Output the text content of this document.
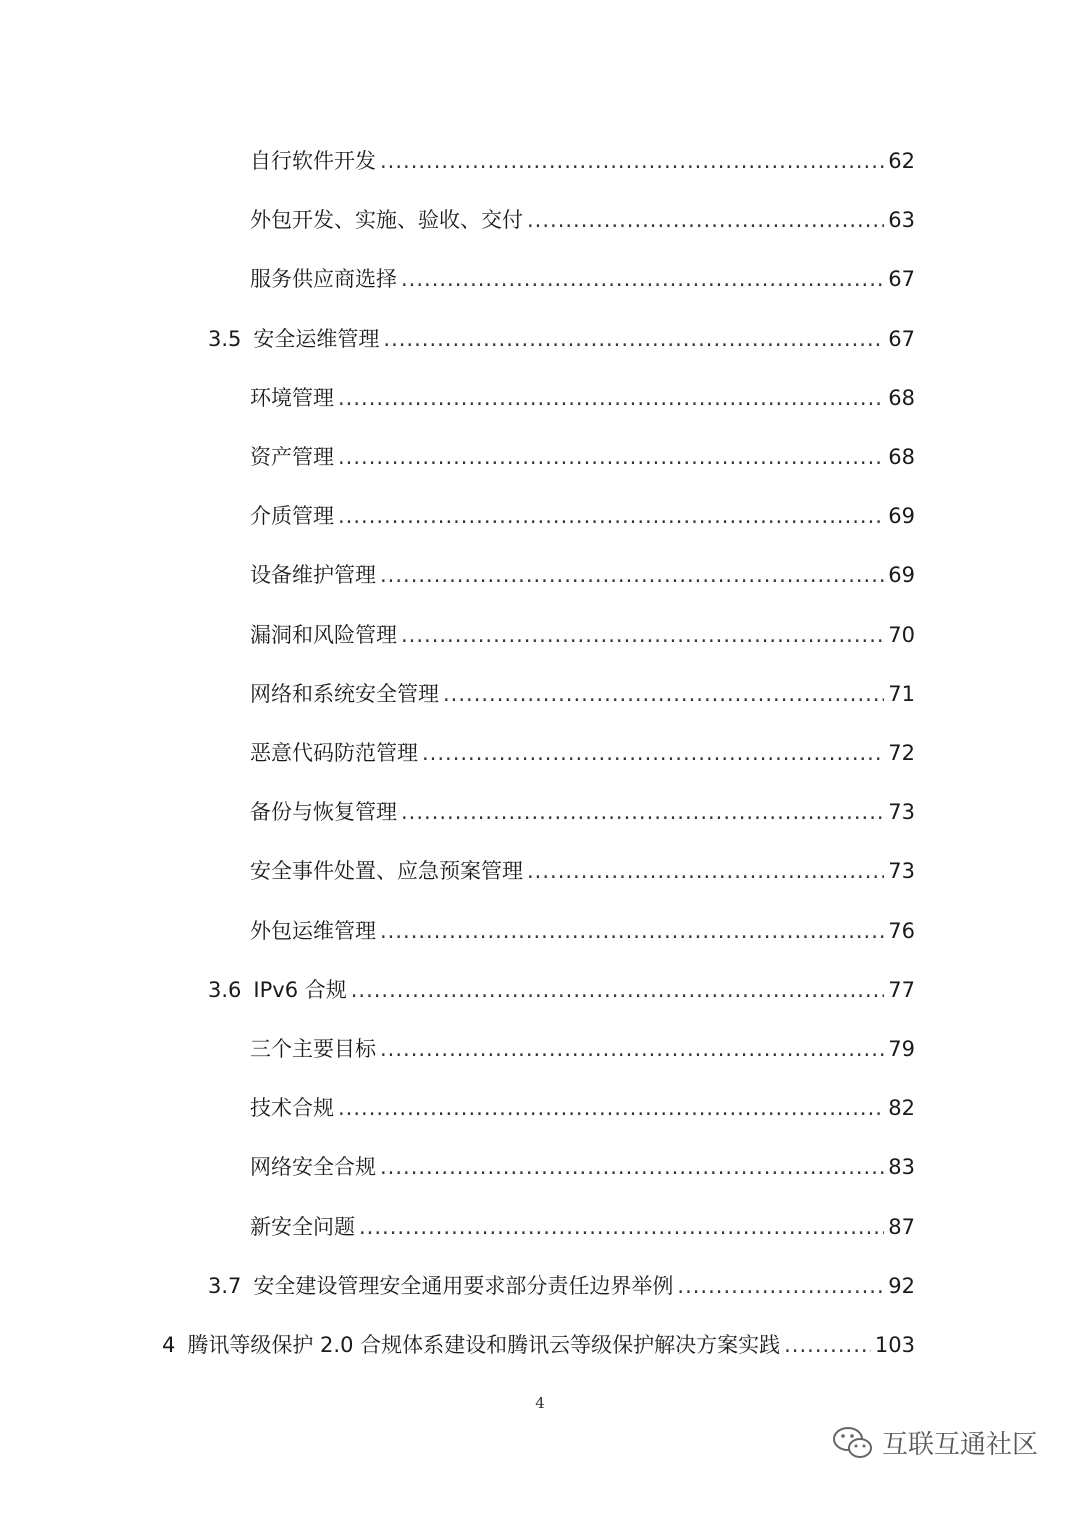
自行软件开发 .....	62
外包开发、实施、验收、交付 .....	63
服务供应商选择 .....	67
3.5 安全运维管理 .....	67
环境管理 .....	68
资产管理 .....	68
介质管理 .....	69
设备维护管理 .....	69
漏洞和风险管理 .....	70
网络和系统安全管理 .....	71
恶意代码防范管理 .....	72
备份与恢复管理 .....	73
安全事件处置、应急预案管理 .....	73
外包运维管理 .....	76
3.6 IPv6 合规 .....	77
三个主要目标 .....	79
技术合规 .....	82
网络安全合规 .....	83
新安全问题 .....	87
3.7 安全建设管理安全通用要求部分责任边界举例 .....	92
4 腾讯等级保护 2.0 合规体系建设和腾讯云等级保护解决方案实践 .....	103
4
互联互通社区
